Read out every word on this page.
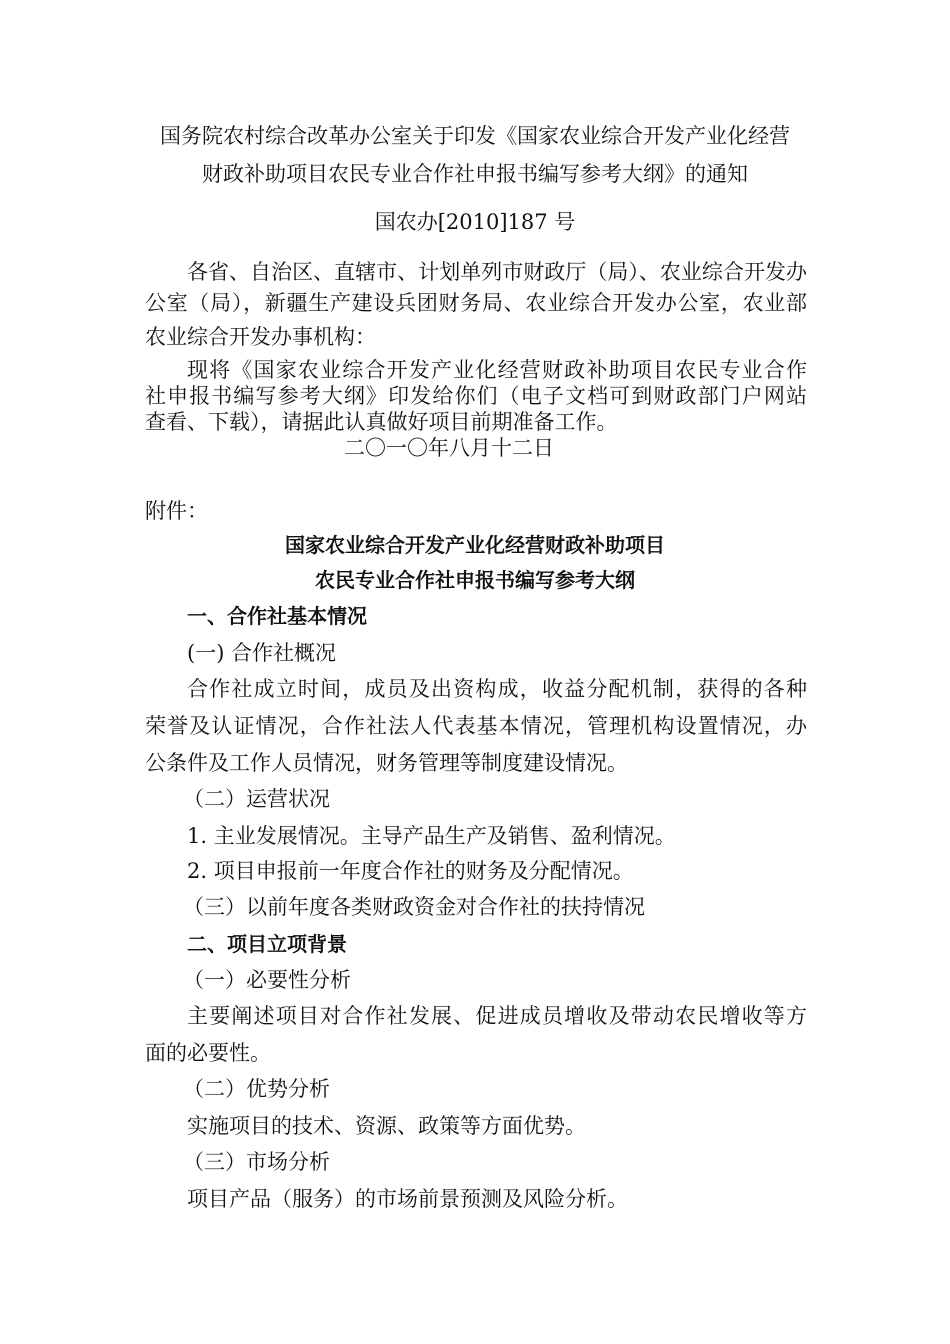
国务院农村综合改革办公室关于印发《国家农业综合开发产业化经营

财政补助项目农民专业合作社申报书编写参考大纲》的通知

国农办[2010]187 号

各省、自治区、直辖市、计划单列市财政厅（局）、农业综合开发办

公室（局），新疆生产建设兵团财务局、农业综合开发办公室，农业部

农业综合开发办事机构：

现将《国家农业综合开发产业化经营财政补助项目农民专业合作

社申报书编写参考大纲》印发给你们（电子文档可到财政部门户网站

查看、下载），请据此认真做好项目前期准备工作。

二〇一〇年八月十二日

附件：

国家农业综合开发产业化经营财政补助项目

农民专业合作社申报书编写参考大纲

一、合作社基本情况

(一) 合作社概况

合作社成立时间，成员及出资构成，收益分配机制，获得的各种

荣誉及认证情况，合作社法人代表基本情况，管理机构设置情况，办

公条件及工作人员情况，财务管理等制度建设情况。

（二）运营状况

1. 主业发展情况。主导产品生产及销售、盈利情况。

2. 项目申报前一年度合作社的财务及分配情况。

（三）以前年度各类财政资金对合作社的扶持情况

二、项目立项背景

（一）必要性分析

主要阐述项目对合作社发展、促进成员增收及带动农民增收等方

面的必要性。

（二）优势分析

实施项目的技术、资源、政策等方面优势。

（三）市场分析

项目产品（服务）的市场前景预测及风险分析。
